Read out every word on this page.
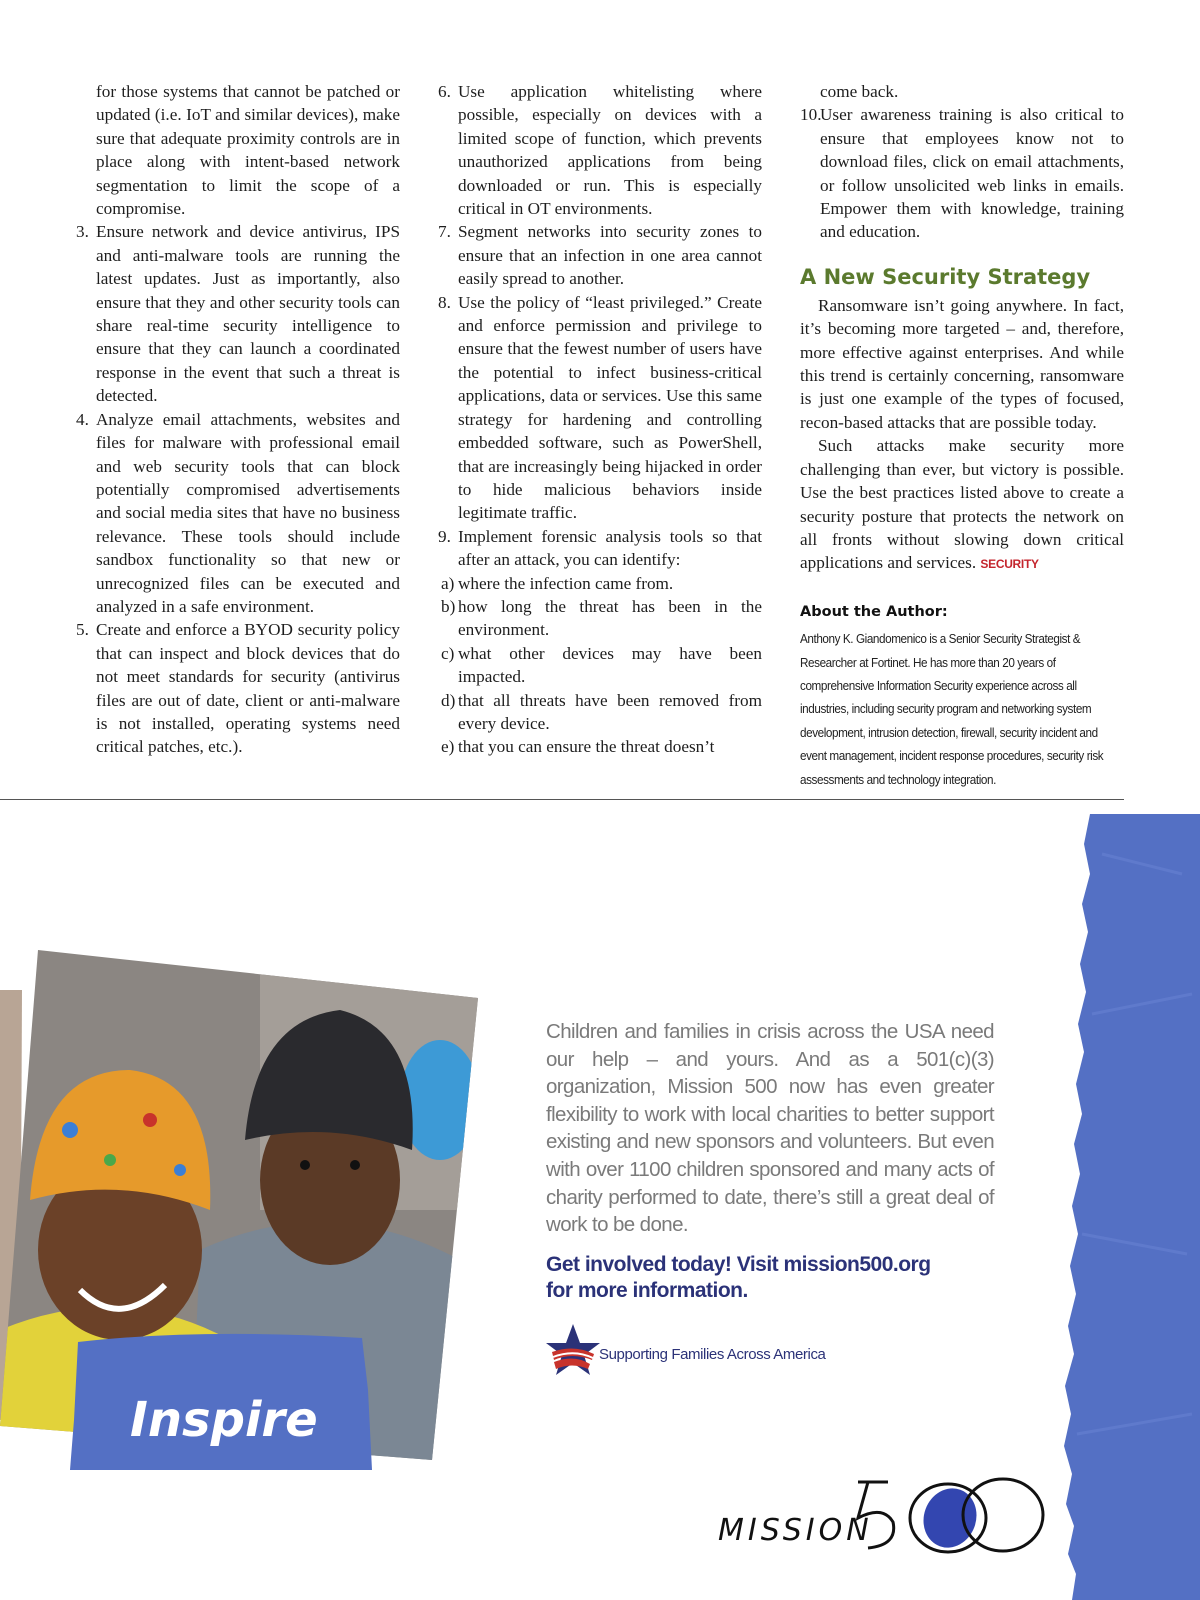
for those systems that cannot be patched or updated (i.e. IoT and similar devices), make sure that adequate proximity controls are in place along with intent-based network segmentation to limit the scope of a compromise.

3. Ensure network and device antivirus, IPS and anti-malware tools are running the latest updates. Just as importantly, also ensure that they and other security tools can share real-time security intelligence to ensure that they can launch a coordinated response in the event that such a threat is detected.
4. Analyze email attachments, websites and files for malware with professional email and web security tools that can block potentially compromised advertisements and social media sites that have no business relevance. These tools should include sandbox functionality so that new or unrecognized files can be executed and analyzed in a safe environment.
5. Create and enforce a BYOD security policy that can inspect and block devices that do not meet standards for security (antivirus files are out of date, client or anti-malware is not installed, operating systems need critical patches, etc.).
6. Use application whitelisting where possible, especially on devices with a limited scope of function, which prevents unauthorized applications from being downloaded or run. This is especially critical in OT environments.
7. Segment networks into security zones to ensure that an infection in one area cannot easily spread to another.
8. Use the policy of “least privileged.” Create and enforce permission and privilege to ensure that the fewest number of users have the potential to infect business-critical applications, data or services. Use this same strategy for hardening and controlling embedded software, such as PowerShell, that are increasingly being hijacked in order to hide malicious behaviors inside legitimate traffic.
9. Implement forensic analysis tools so that after an attack, you can identify:
a) where the infection came from.
b) how long the threat has been in the environment.
c) what other devices may have been impacted.
d) that all threats have been removed from every device.
e) that you can ensure the threat doesn’t

come back.

10.
User awareness training is also critical to ensure that employees know not to download files, click on email attachments, or follow unsolicited web links in emails. Empower them with knowledge, training and education.
A New Security Strategy

Ransomware isn’t going anywhere. In fact, it’s becoming more targeted – and, therefore, more effective against enterprises. And while this trend is certainly concerning, ransomware is just one example of the types of focused, recon-based attacks that are possible today.

Such attacks make security more challenging than ever, but victory is possible. Use the best practices listed above to create a security posture that protects the network on all fronts without slowing down critical applications and services. SECURITY

About the Author:
Anthony K. Giandomenico is a Senior Security Strategist & Researcher at Fortinet. He has more than 20 years of comprehensive Information Security experience across all industries, including security program and networking system development, intrusion detection, firewall, security incident and event management, incident response procedures, security risk assessments and technology integration.
Inspire
Children and families in crisis across the USA need our help – and yours. And as a 501(c)(3) organization, Mission 500 now has even greater flexibility to work with local charities to better support existing and new sponsors and volunteers. But even with over 1100 children sponsored and many acts of charity performed to date, there’s still a great deal of work to be done.
Get involved today! Visit mission500.org
for more information.
Supporting Families Across America
MISSION
